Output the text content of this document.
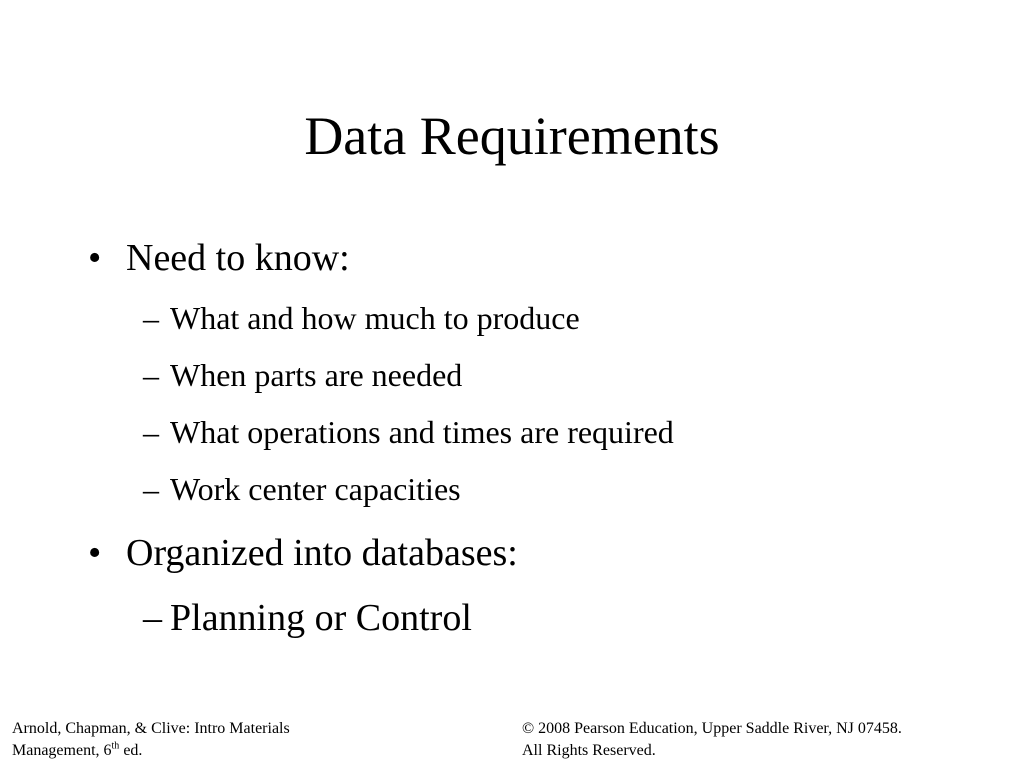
Data Requirements
• Need to know:
– What and how much to produce
– When parts are needed
– What operations and times are required
– Work center capacities
• Organized into databases:
– Planning or Control
Arnold, Chapman, & Clive: Intro Materials
Management, 6th ed.
© 2008 Pearson Education, Upper Saddle River, NJ 07458.
All Rights Reserved.
